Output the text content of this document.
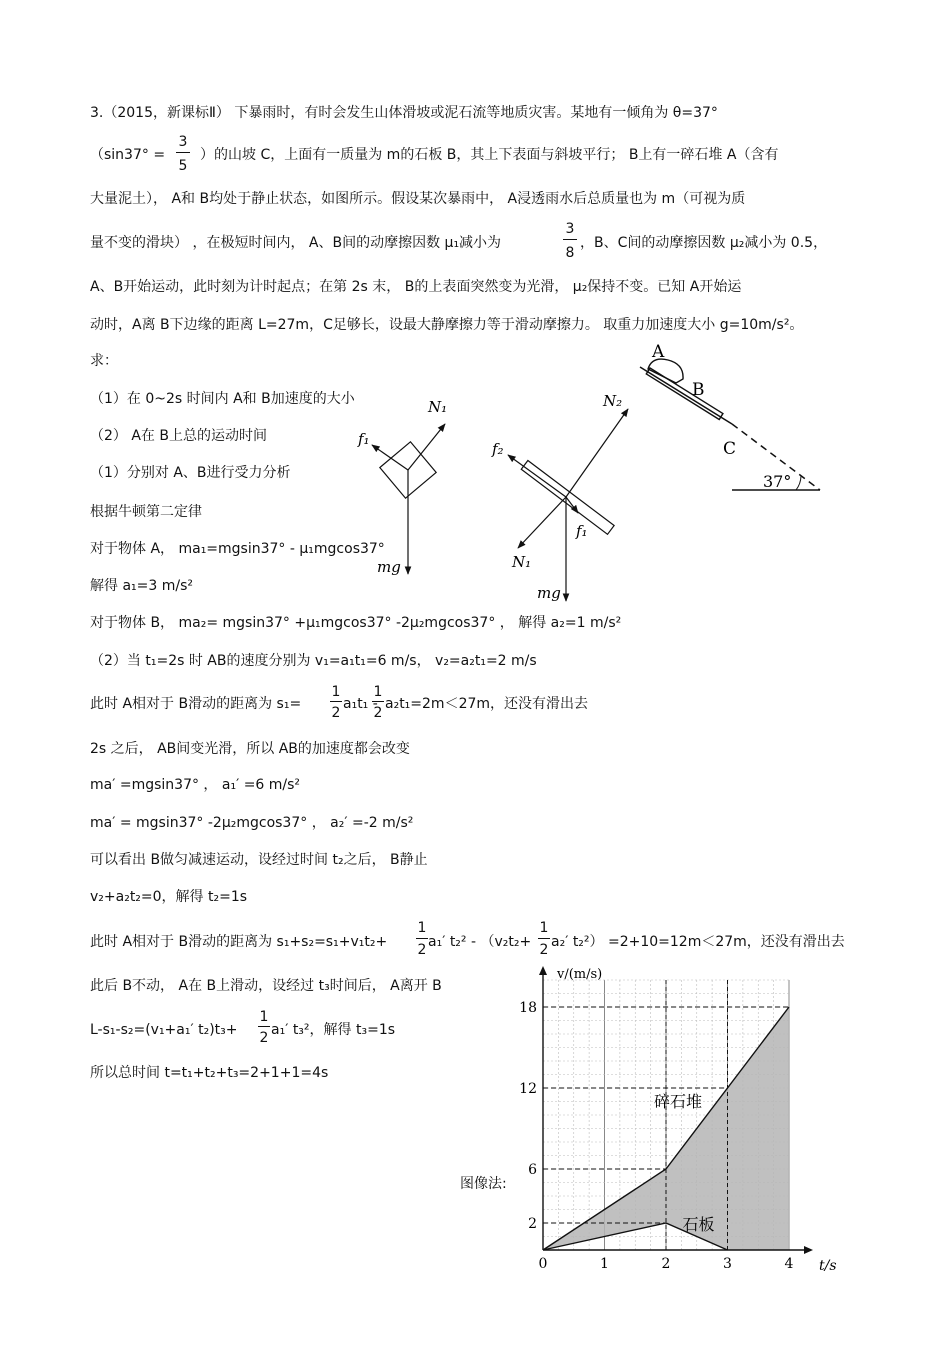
3.（2015，新课标Ⅱ） 下暴雨时，有时会发生山体滑坡或泥石流等地质灾害。某地有一倾角为 θ=37°
（sin37° =
3
5
）的山坡 C，上面有一质量为 m的石板 B，其上下表面与斜坡平行； B上有一碎石堆 A（含有
大量泥土）， A和 B均处于静止状态，如图所示。假设某次暴雨中， A浸透雨水后总质量也为 m（可视为质
量不变的滑块） ，在极短时间内， A、B间的动摩擦因数 μ₁减小为
3
8
，B、C间的动摩擦因数 μ₂减小为 0.5，
A、B开始运动，此时刻为计时起点；在第 2s 末， B的上表面突然变为光滑， μ₂保持不变。已知 A开始运
动时，A离 B下边缘的距离 L=27m，C足够长，设最大静摩擦力等于滑动摩擦力。 取重力加速度大小 g=10m/s²。
求：
（1）在 0~2s 时间内 A和 B加速度的大小
（2） A在 B上总的运动时间
（1）分别对 A、B进行受力分析
根据牛顿第二定律
对于物体 A， ma₁=mgsin37° - μ₁mgcos37°
解得 a₁=3 m/s²
对于物体 B， ma₂= mgsin37° +μ₁mgcos37° -2μ₂mgcos37° ， 解得 a₂=1 m/s²
（2）当 t₁=2s 时 AB的速度分别为 v₁=a₁t₁=6 m/s， v₂=a₂t₁=2 m/s
此时 A相对于 B滑动的距离为 s₁=
1
2
a₁t₁ -
1
2
a₂t₁=2m＜27m，还没有滑出去
2s 之后， AB间变光滑，所以 AB的加速度都会改变
ma′ =mgsin37° ， a₁′ =6 m/s²
ma′ = mgsin37° -2μ₂mgcos37° ， a₂′ =-2 m/s²
可以看出 B做匀减速运动，设经过时间 t₂之后， B静止
v₂+a₂t₂=0，解得 t₂=1s
此时 A相对于 B滑动的距离为 s₁+s₂=s₁+v₁t₂+
1
2 a₁′ t₂² - （v₂t₂+
1
2 a₂′ t₂²） =2+10=12m＜27m，还没有滑出去
此后 B不动， A在 B上滑动，设经过 t₃时间后， A离开 B
L-s₁-s₂=(v₁+a₁′ t₂)t₃+
1
2 a₁′ t₃²，解得 t₃=1s
所以总时间 t=t₁+t₂+t₃=2+1+1=4s
图像法:
N₁
f₁
mg
N₂
f₂
N₁
f₁
mg
A
B
C
37°
0	1	2	3	4
2
6
12
18
t/s
v/(m/s)
碎石堆
石板
